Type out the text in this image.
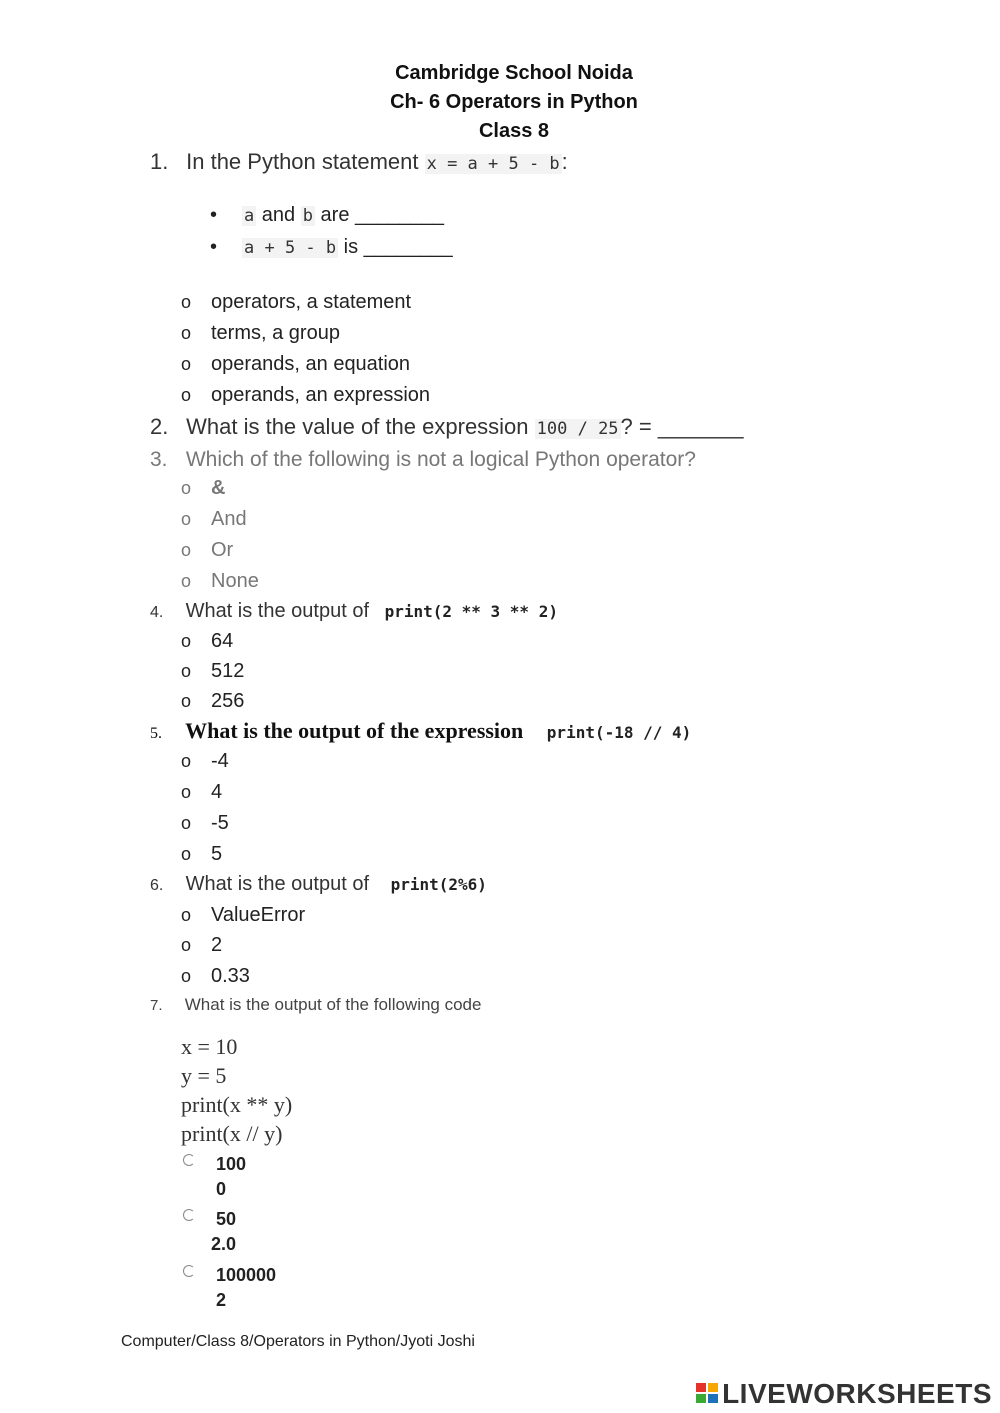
Cambridge School Noida
Ch- 6 Operators in Python
Class 8
1. In the Python statement x = a + 5 - b:
• a and b are ________
• a + 5 - b is ________
o operators, a statement
o terms, a group
o operands, an equation
o operands, an expression
2. What is the value of the expression 100 / 25? = _______
3. Which of the following is not a logical Python operator?
o &
o And
o Or
o None
4. What is the output of print(2 ** 3 ** 2)
o 64
o 512
o 256
5. What is the output of the expression print(-18 // 4)
o -4
o 4
o -5
o 5
6. What is the output of print(2%6)
o ValueError
o 2
o 0.33
7. What is the output of the following code
x = 10
y = 5
print(x ** y)
print(x // y)
100
0
50
2.0
100000
2
Computer/Class 8/Operators in Python/Jyoti Joshi
LIVEWORKSHEETS
